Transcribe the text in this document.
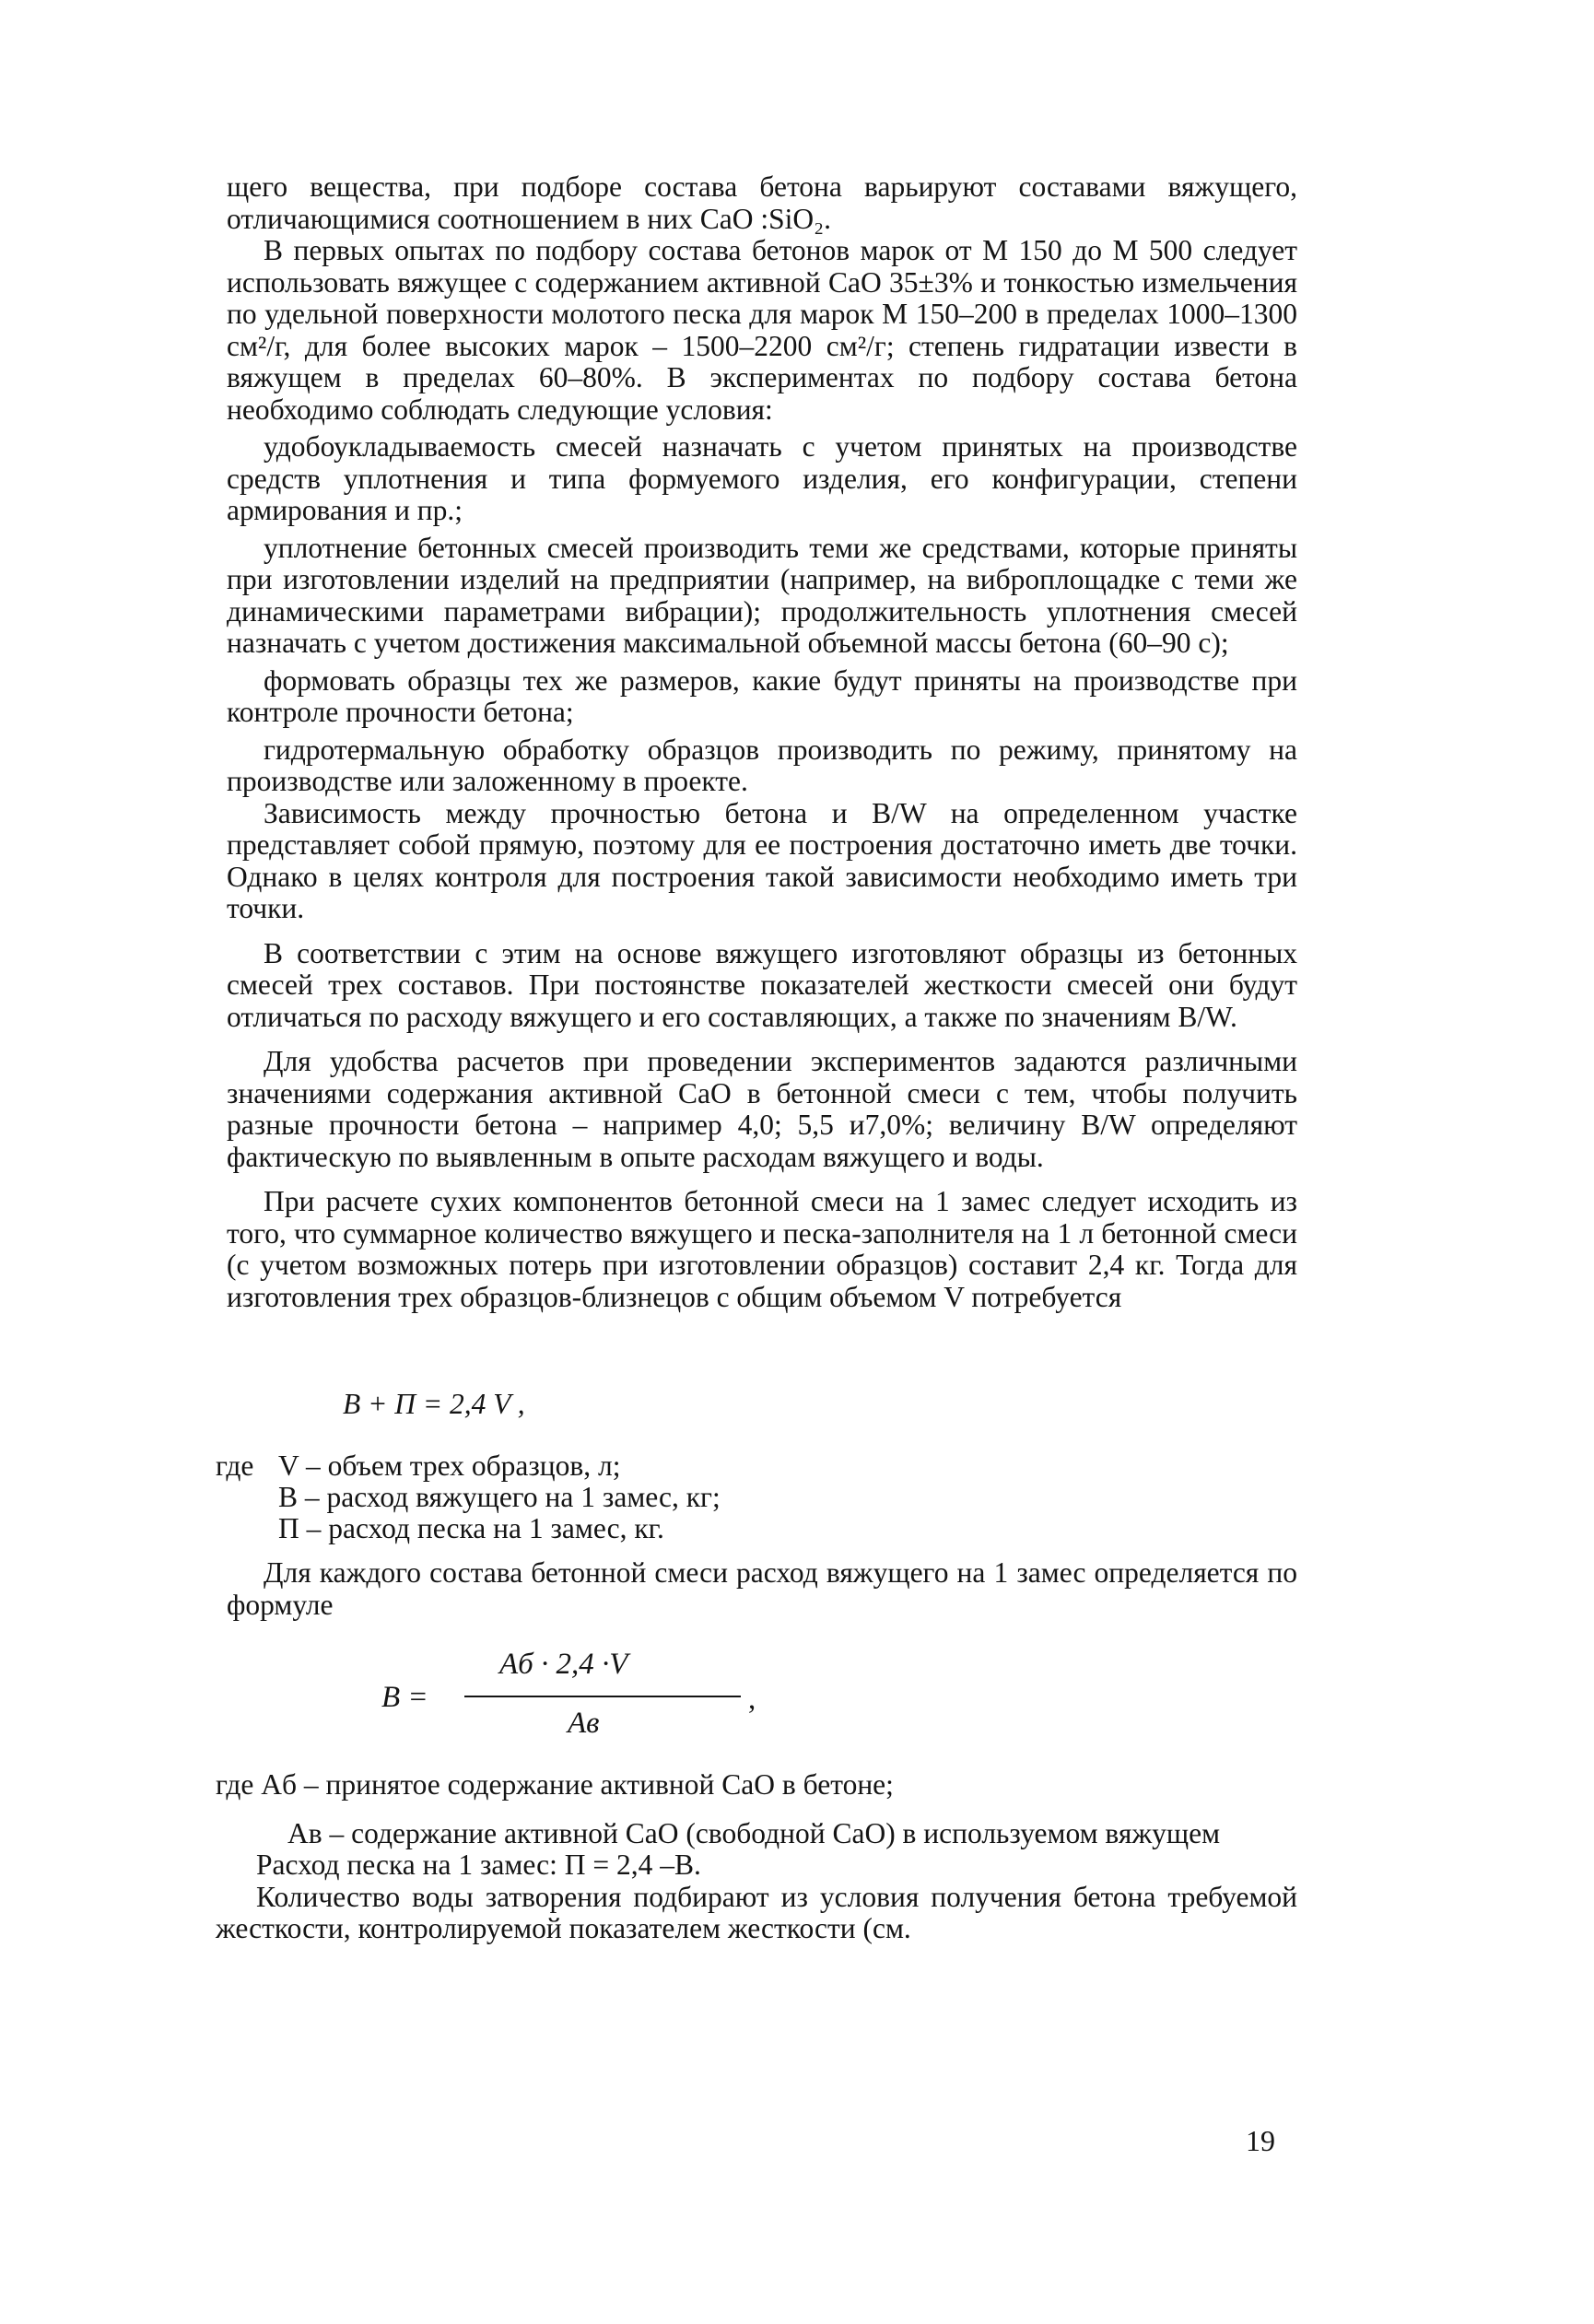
щего вещества, при подборе состава бетона варьируют составами вяжущего, отличающимися соотношением в них CaO :SiO₂.

В первых опытах по подбору состава бетонов марок от М 150 до М 500 следует использовать вяжущее с содержанием активной CaO 35±3% и тонкостью измельчения по удельной поверхности молотого песка для марок М 150–200 в пределах 1000–1300 см²/г, для более высоких марок – 1500–2200 см²/г; степень гидратации извести в вяжущем в пределах 60–80%. В экспериментах по подбору состава бетона необходимо соблюдать следующие условия:

удобоукладываемость смесей назначать с учетом принятых на производстве средств уплотнения и типа формуемого изделия, его конфигурации, степени армирования и пр.;

уплотнение бетонных смесей производить теми же средствами, которые приняты при изготовлении изделий на предприятии (например, на виброплощадке с теми же динамическими параметрами вибрации); продолжительность уплотнения смесей назначать с учетом достижения максимальной объемной массы бетона (60–90 с);

формовать образцы тех же размеров, какие будут приняты на производстве при контроле прочности бетона;

гидротермальную обработку образцов производить по режиму, принятому на производстве или заложенному в проекте.

Зависимость между прочностью бетона и B/W на определенном участке представляет собой прямую, поэтому для ее построения достаточно иметь две точки. Однако в целях контроля для построения такой зависимости необходимо иметь три точки.

В соответствии с этим на основе вяжущего изготовляют образцы из бетонных смесей трех составов. При постоянстве показателей жесткости смесей они будут отличаться по расходу вяжущего и его составляющих, а также по значениям B/W.

Для удобства расчетов при проведении экспериментов задаются различными значениями содержания активной CaO в бетонной смеси с тем, чтобы получить разные прочности бетона – например 4,0; 5,5 и7,0%; величину B/W определяют фактическую по выявленным в опыте расходам вяжущего и воды.

При расчете сухих компонентов бетонной смеси на 1 замес следует исходить из того, что суммарное количество вяжущего и песка-заполнителя на 1 л бетонной смеси (с учетом возможных потерь при изготовлении образцов) составит 2,4 кг. Тогда для изготовления трех образцов-близнецов с общим объемом V потребуется

B + П = 2,4 V ,
где V – объем трех образцов, л;
B – расход вяжущего на 1 замес, кг;
П – расход песка на 1 замес, кг.

Для каждого состава бетонной смеси расход вяжущего на 1 замес определяется по формуле

B =
Aб · 2,4 ·V
,
Aв

где Aб – принятое содержание активной CaO в бетоне;

Aв – содержание активной CaO (свободной CaO) в используемом вяжущем

Расход песка на 1 замес: П = 2,4 –B.

Количество воды затворения подбирают из условия получения бетона требуемой жесткости, контролируемой показателем жесткости (см.

19
